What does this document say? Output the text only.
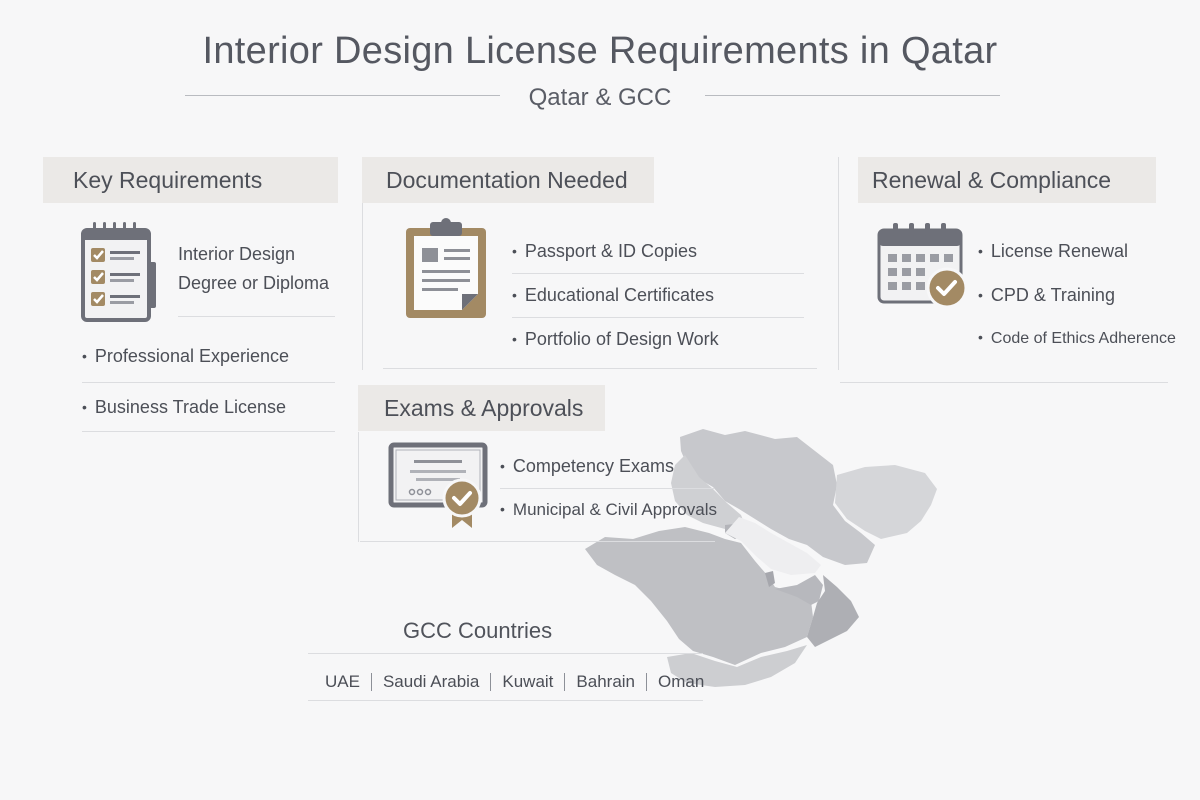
Interior Design License Requirements in Qatar
Qatar & GCC
Key Requirements
Interior Design
Degree or Diploma
• Professional Experience
• Business Trade License
Documentation Needed
• Passport & ID Copies
• Educational Certificates
• Portfolio of Design Work
Renewal & Compliance
• License Renewal
• CPD & Training
• Code of Ethics Adherence
Exams & Approvals
• Competency Exams
• Municipal & Civil Approvals
GCC Countries
UAE Saudi Arabia Kuwait Bahrain Oman
